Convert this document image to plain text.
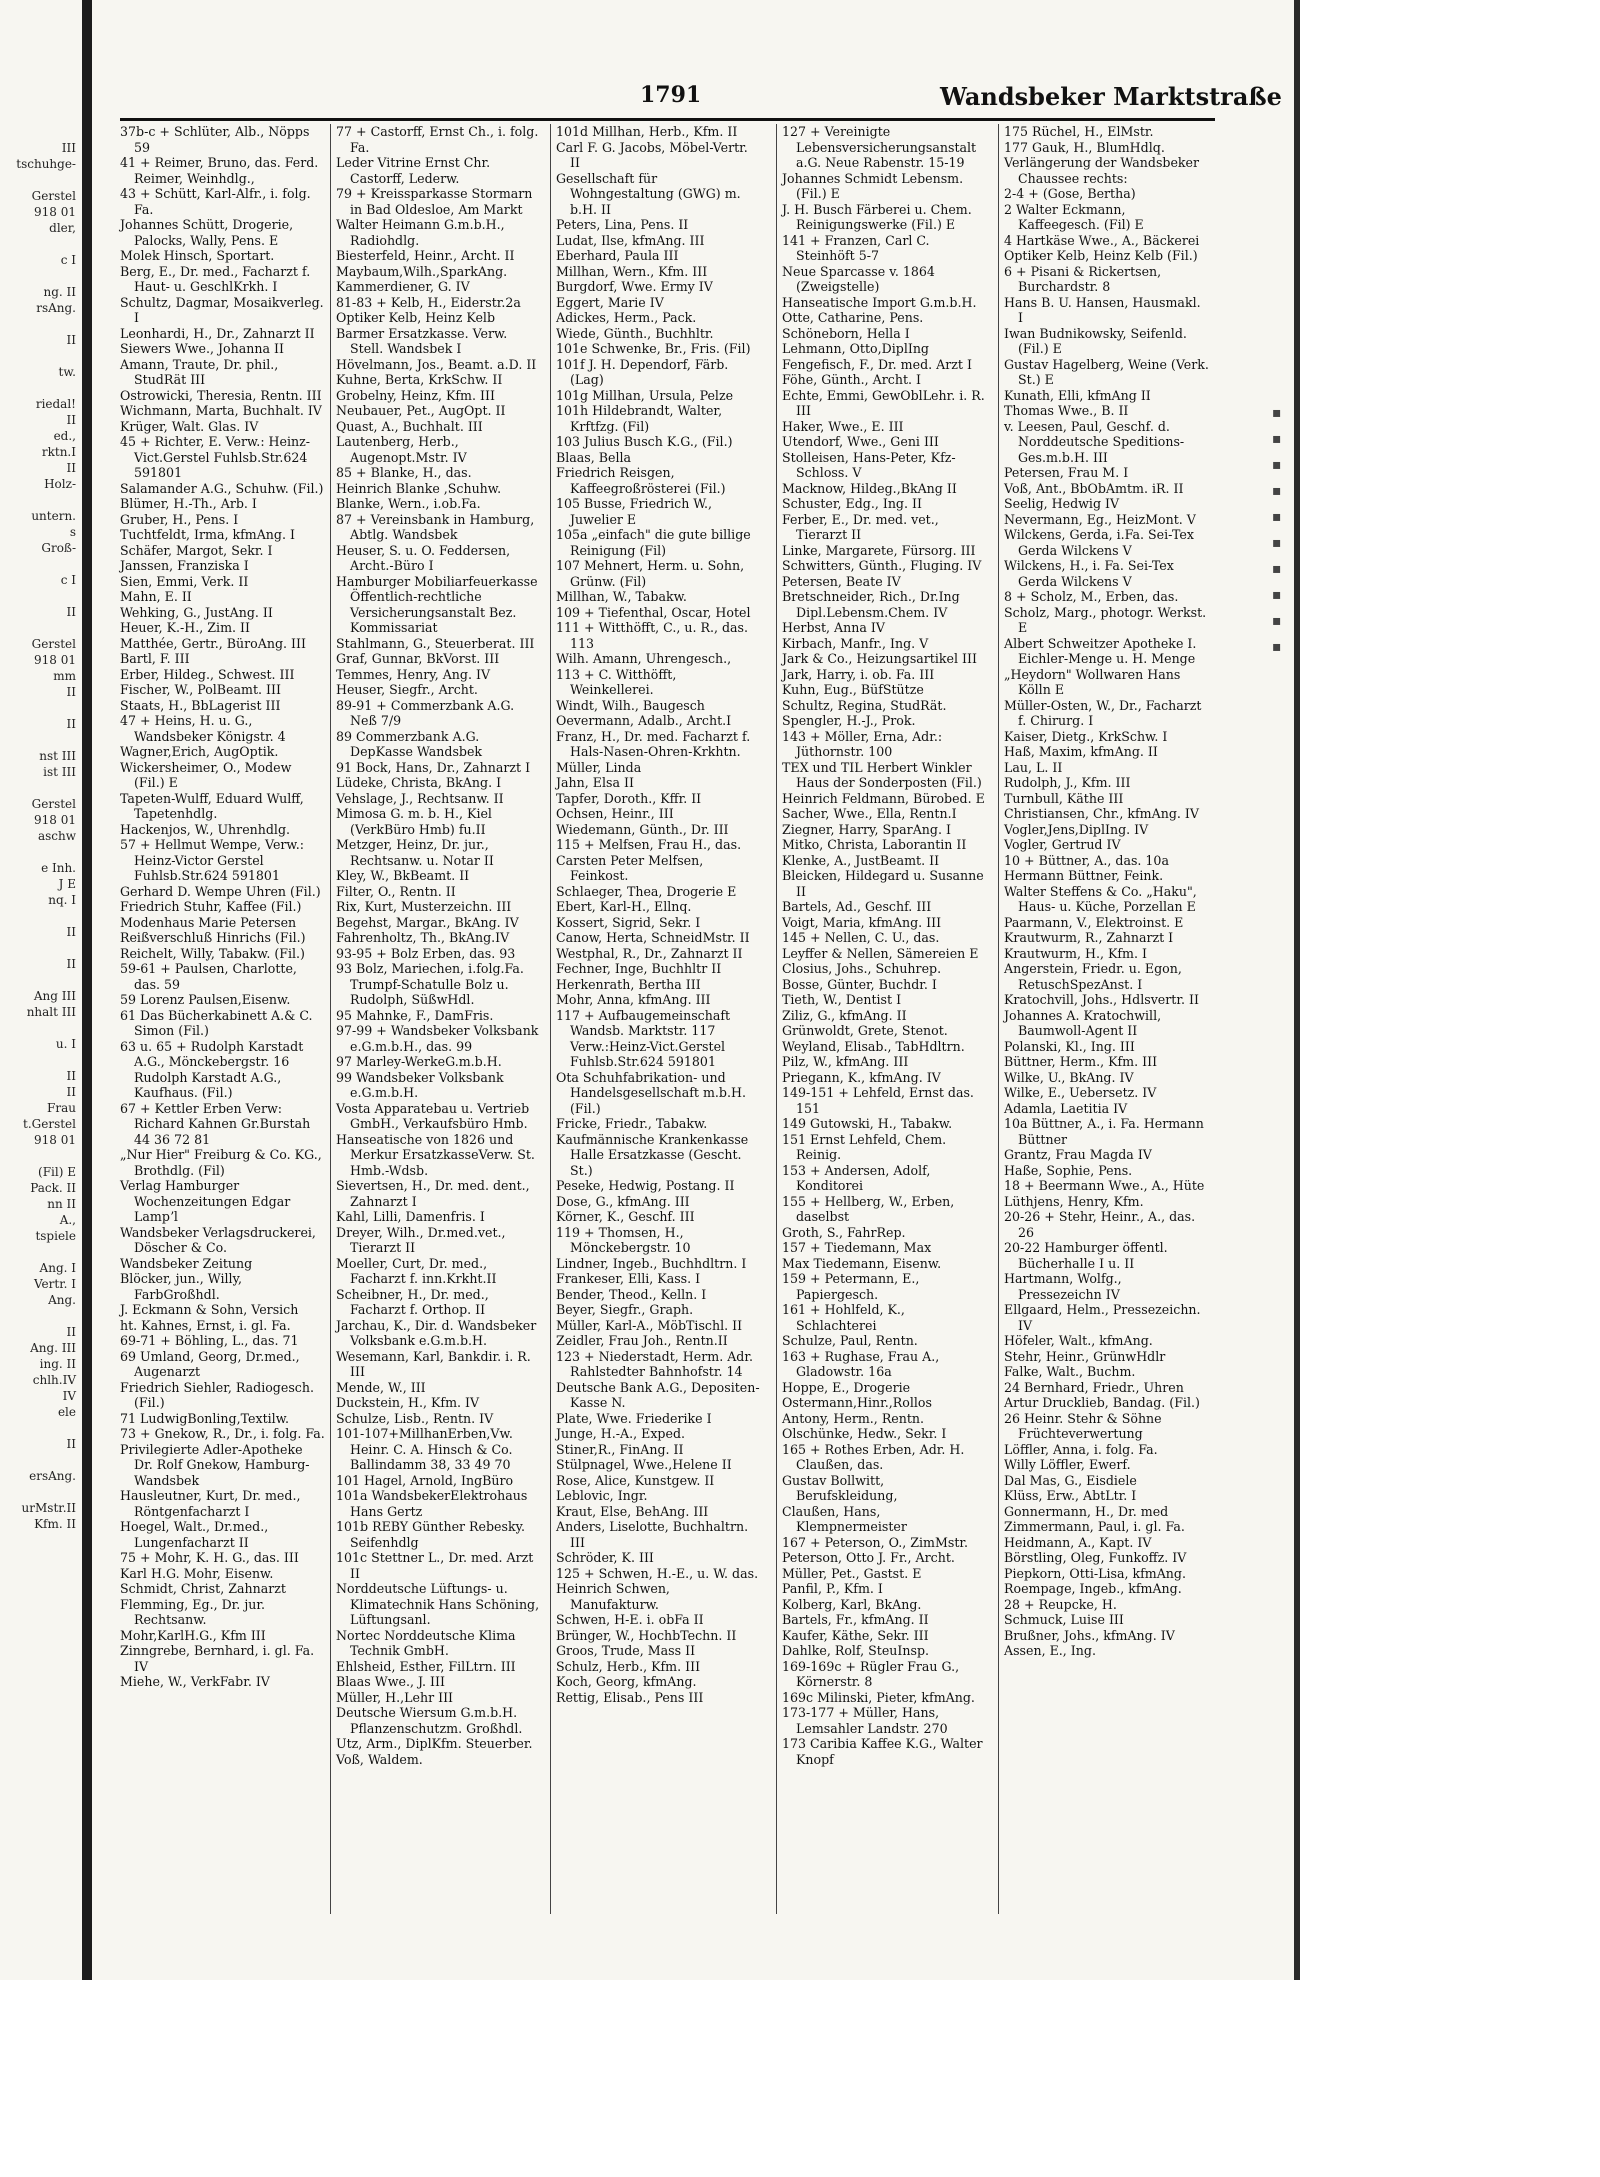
III
tschuhge-

Gerstel
918 01
dler,

c I

ng. II
rsAng.

II

tw.

riedal!
II
ed.,
rktn.I
II
Holz-

untern.
s
Groß-

c I

II

Gerstel
918 01
mm
II

II

nst III
ist III

Gerstel
918 01
aschw

e Inh.
J E
nq. I

II

II

Ang III
nhalt III

u. I

II
II
Frau
t.Gerstel
918 01

(Fil) E
Pack. II
nn II
A.,
tspiele

Ang. I
Vertr. I
Ang.

II
Ang. III
ing. II
chlh.IV
IV
ele

II

ersAng.

urMstr.II
Kfm. II
1791	Wandsbeker Marktstraße

37b-c + Schlüter, Alb., Nöpps 59

41 + Reimer, Bruno, das. Ferd. Reimer, Weinhdlg.,

43 + Schütt, Karl-Alfr., i. folg. Fa.

Johannes Schütt, Drogerie, Palocks, Wally, Pens. E

Molek Hinsch, Sportart.

Berg, E., Dr. med., Facharzt f. Haut- u. GeschlKrkh. I

Schultz, Dagmar, Mosaikverleg. I

Leonhardi, H., Dr., Zahnarzt II

Siewers Wwe., Johanna II

Amann, Traute, Dr. phil., StudRät III

Ostrowicki, Theresia, Rentn. III

Wichmann, Marta, Buchhalt. IV

Krüger, Walt. Glas. IV

45 + Richter, E. Verw.: Heinz-Vict.Gerstel Fuhlsb.Str.624 591801

Salamander A.G., Schuhw. (Fil.)

Blümer, H.-Th., Arb. I

Gruber, H., Pens. I

Tuchtfeldt, Irma, kfmAng. I

Schäfer, Margot, Sekr. I

Janssen, Franziska I

Sien, Emmi, Verk. II

Mahn, E. II

Wehking, G., JustAng. II

Heuer, K.-H., Zim. II

Matthée, Gertr., BüroAng. III

Bartl, F. III

Erber, Hildeg., Schwest. III

Fischer, W., PolBeamt. III

Staats, H., BbLagerist III

47 + Heins, H. u. G., Wandsbeker Königstr. 4

Wagner,Erich, AugOptik.

Wickersheimer, O., Modew (Fil.) E

Tapeten-Wulff, Eduard Wulff, Tapetenhdlg.

Hackenjos, W., Uhrenhdlg.

57 + Hellmut Wempe, Verw.: Heinz-Victor Gerstel Fuhlsb.Str.624 591801

Gerhard D. Wempe Uhren (Fil.)

Friedrich Stuhr, Kaffee (Fil.)

Modenhaus Marie Petersen

Reißverschluß Hinrichs (Fil.)

Reichelt, Willy, Tabakw. (Fil.)

59-61 + Paulsen, Charlotte, das. 59

59 Lorenz Paulsen,Eisenw.

61 Das Bücherkabinett A.& C. Simon (Fil.)

63 u. 65 + Rudolph Karstadt A.G., Mönckebergstr. 16 Rudolph Karstadt A.G., Kaufhaus. (Fil.)

67 + Kettler Erben Verw: Richard Kahnen Gr.Burstah 44 36 72 81

„Nur Hier" Freiburg & Co. KG., Brothdlg. (Fil)

Verlag Hamburger Wochenzeitungen Edgar Lampʼl

Wandsbeker Verlagsdruckerei, Döscher & Co.

Wandsbeker Zeitung

Blöcker, jun., Willy, FarbGroßhdl.

J. Eckmann & Sohn, Versich

ht. Kahnes, Ernst, i. gl. Fa.

69-71 + Böhling, L., das. 71

69 Umland, Georg, Dr.med., Augenarzt

Friedrich Siehler, Radiogesch. (Fil.)

71 LudwigBonling,Textilw.

73 + Gnekow, R., Dr., i. folg. Fa.

Privilegierte Adler-Apotheke Dr. Rolf Gnekow, Hamburg-Wandsbek

Hausleutner, Kurt, Dr. med., Röntgenfacharzt I

Hoegel, Walt., Dr.med., Lungenfacharzt II

75 + Mohr, K. H. G., das. III

Karl H.G. Mohr, Eisenw.

Schmidt, Christ, Zahnarzt

Flemming, Eg., Dr. jur. Rechtsanw.

Mohr,KarlH.G., Kfm III

Zinngrebe, Bernhard, i. gl. Fa. IV

Miehe, W., VerkFabr. IV

77 + Castorff, Ernst Ch., i. folg. Fa.

Leder Vitrine Ernst Chr. Castorff, Lederw.

79 + Kreissparkasse Stormarn in Bad Oldesloe, Am Markt

Walter Heimann G.m.b.H., Radiohdlg.

Biesterfeld, Heinr., Archt. II

Maybaum,Wilh.,SparkAng.

Kammerdiener, G. IV

81-83 + Kelb, H., Eiderstr.2a

Optiker Kelb, Heinz Kelb

Barmer Ersatzkasse. Verw. Stell. Wandsbek I

Hövelmann, Jos., Beamt. a.D. II

Kuhne, Berta, KrkSchw. II

Grobelny, Heinz, Kfm. III

Neubauer, Pet., AugOpt. II

Quast, A., Buchhalt. III

Lautenberg, Herb., Augenopt.Mstr. IV

85 + Blanke, H., das.

Heinrich Blanke ,Schuhw.

Blanke, Wern., i.ob.Fa.

87 + Vereinsbank in Hamburg, Abtlg. Wandsbek

Heuser, S. u. O. Feddersen, Archt.-Büro I

Hamburger Mobiliarfeuerkasse Öffentlich-rechtliche Versicherungsanstalt Bez. Kommissariat

Stahlmann, G., Steuerberat. III

Graf, Gunnar, BkVorst. III

Temmes, Henry, Ang. IV

Heuser, Siegfr., Archt.

89-91 + Commerzbank A.G. Neß 7/9

89 Commerzbank A.G. DepKasse Wandsbek

91 Bock, Hans, Dr., Zahnarzt I

Lüdeke, Christa, BkAng. I

Vehslage, J., Rechtsanw. II

Mimosa G. m. b. H., Kiel (VerkBüro Hmb) fu.II

Metzger, Heinz, Dr. jur., Rechtsanw. u. Notar II

Kley, W., BkBeamt. II

Filter, O., Rentn. II

Rix, Kurt, Musterzeichn. III

Begehst, Margar., BkAng. IV

Fahrenholtz, Th., BkAng.IV

93-95 + Bolz Erben, das. 93

93 Bolz, Mariechen, i.folg.Fa. Trumpf-Schatulle Bolz u. Rudolph, SüßwHdl.

95 Mahnke, F., DamFris.

97-99 + Wandsbeker Volksbank e.G.m.b.H., das. 99

97 Marley-WerkeG.m.b.H.

99 Wandsbeker Volksbank e.G.m.b.H.

Vosta Apparatebau u. Vertrieb GmbH., Verkaufsbüro Hmb.

Hanseatische von 1826 und Merkur ErsatzkasseVerw. St. Hmb.-Wdsb.

Sievertsen, H., Dr. med. dent., Zahnarzt I

Kahl, Lilli, Damenfris. I

Dreyer, Wilh., Dr.med.vet., Tierarzt II

Moeller, Curt, Dr. med., Facharzt f. inn.Krkht.II

Scheibner, H., Dr. med., Facharzt f. Orthop. II

Jarchau, K., Dir. d. Wandsbeker Volksbank e.G.m.b.H.

Wesemann, Karl, Bankdir. i. R. III

Mende, W., III

Duckstein, H., Kfm. IV

Schulze, Lisb., Rentn. IV

101-107+MillhanErben,Vw. Heinr. C. A. Hinsch & Co. Ballindamm 38, 33 49 70

101 Hagel, Arnold, IngBüro

101a WandsbekerElektrohaus Hans Gertz

101b REBY Günther Rebesky. Seifenhdlg

101c Stettner L., Dr. med. Arzt II

Norddeutsche Lüftungs- u. Klimatechnik Hans Schöning, Lüftungsanl.

Nortec Norddeutsche Klima Technik GmbH.

Ehlsheid, Esther, FilLtrn. III

Blaas Wwe., J. III

Müller, H.,Lehr III

Deutsche Wiersum G.m.b.H. Pflanzenschutzm. Großhdl.

Utz, Arm., DiplKfm. Steuerber.

Voß, Waldem.

101d Millhan, Herb., Kfm. II

Carl F. G. Jacobs, Möbel-Vertr. II

Gesellschaft für Wohngestaltung (GWG) m. b.H. II

Peters, Lina, Pens. II

Ludat, Ilse, kfmAng. III

Eberhard, Paula III

Millhan, Wern., Kfm. III

Burgdorf, Wwe. Ermy IV

Eggert, Marie IV

Adickes, Herm., Pack.

Wiede, Günth., Buchhltr.

101e Schwenke, Br., Fris. (Fil)

101f J. H. Dependorf, Färb. (Lag)

101g Millhan, Ursula, Pelze

101h Hildebrandt, Walter, Krftfzg. (Fil)

103 Julius Busch K.G., (Fil.)

Blaas, Bella

Friedrich Reisgen, Kaffeegroßrösterei (Fil.)

105 Busse, Friedrich W., Juwelier E

105a „einfach" die gute billige Reinigung (Fil)

107 Mehnert, Herm. u. Sohn, Grünw. (Fil)

Millhan, W., Tabakw.

109 + Tiefenthal, Oscar, Hotel

111 + Witthöfft, C., u. R., das. 113

Wilh. Amann, Uhrengesch.,

113 + C. Witthöfft, Weinkellerei.

Windt, Wilh., Baugesch

Oevermann, Adalb., Archt.I

Franz, H., Dr. med. Facharzt f. Hals-Nasen-Ohren-Krkhtn.

Müller, Linda

Jahn, Elsa II

Tapfer, Doroth., Kffr. II

Ochsen, Heinr., III

Wiedemann, Günth., Dr. III

115 + Melfsen, Frau H., das.

Carsten Peter Melfsen, Feinkost.

Schlaeger, Thea, Drogerie E

Ebert, Karl-H., Ellnq.

Kossert, Sigrid, Sekr. I

Canow, Herta, SchneidMstr. II

Westphal, R., Dr., Zahnarzt II

Fechner, Inge, Buchhltr II

Herkenrath, Bertha III

Mohr, Anna, kfmAng. III

117 + Aufbaugemeinschaft Wandsb. Marktstr. 117 Verw.:Heinz-Vict.Gerstel Fuhlsb.Str.624 591801

Ota Schuhfabrikation- und Handelsgesellschaft m.b.H. (Fil.)

Fricke, Friedr., Tabakw.

Kaufmännische Krankenkasse Halle Ersatzkasse (Gescht. St.)

Peseke, Hedwig, Postang. II

Dose, G., kfmAng. III

Körner, K., Geschf. III

119 + Thomsen, H., Mönckebergstr. 10

Lindner, Ingeb., Buchhdltrn. I

Frankeser, Elli, Kass. I

Bender, Theod., Kelln. I

Beyer, Siegfr., Graph.

Müller, Karl-A., MöbTischl. II

Zeidler, Frau Joh., Rentn.II

123 + Niederstadt, Herm. Adr. Rahlstedter Bahnhofstr. 14

Deutsche Bank A.G., Depositen-Kasse N.

Plate, Wwe. Friederike I

Junge, H.-A., Exped.

Stiner,R., FinAng. II

Stülpnagel, Wwe.,Helene II

Rose, Alice, Kunstgew. II

Leblovic, Ingr.

Kraut, Else, BehAng. III

Anders, Liselotte, Buchhaltrn. III

Schröder, K. III

125 + Schwen, H.-E., u. W. das.

Heinrich Schwen, Manufakturw.

Schwen, H-E. i. obFa II

Brünger, W., HochbTechn. II

Groos, Trude, Mass II

Schulz, Herb., Kfm. III

Koch, Georg, kfmAng.

Rettig, Elisab., Pens III

127 + Vereinigte Lebensversicherungsanstalt a.G. Neue Rabenstr. 15-19

Johannes Schmidt Lebensm. (Fil.) E

J. H. Busch Färberei u. Chem. Reinigungswerke (Fil.) E

141 + Franzen, Carl C. Steinhöft 5-7

Neue Sparcasse v. 1864 (Zweigstelle)

Hanseatische Import G.m.b.H.

Otte, Catharine, Pens.

Schöneborn, Hella I

Lehmann, Otto,DiplIng

Fengefisch, F., Dr. med. Arzt I

Föhe, Günth., Archt. I

Echte, Emmi, GewOblLehr. i. R. III

Haker, Wwe., E. III

Utendorf, Wwe., Geni III

Stolleisen, Hans-Peter, Kfz-Schloss. V

Macknow, Hildeg.,BkAng II

Schuster, Edg., Ing. II

Ferber, E., Dr. med. vet., Tierarzt II

Linke, Margarete, Fürsorg. III

Schwitters, Günth., Fluging. IV

Petersen, Beate IV

Bretschneider, Rich., Dr.Ing Dipl.Lebensm.Chem. IV

Herbst, Anna IV

Kirbach, Manfr., Ing. V

Jark & Co., Heizungsartikel III

Jark, Harry, i. ob. Fa. III

Kuhn, Eug., BüfStütze

Schultz, Regina, StudRät.

Spengler, H.-J., Prok.

143 + Möller, Erna, Adr.: Jüthornstr. 100

TEX und TIL Herbert Winkler Haus der Sonderposten (Fil.)

Heinrich Feldmann, Bürobed. E

Sacher, Wwe., Ella, Rentn.I

Ziegner, Harry, SparAng. I

Mitko, Christa, Laborantin II

Klenke, A., JustBeamt. II

Bleicken, Hildegard u. Susanne II

Bartels, Ad., Geschf. III

Voigt, Maria, kfmAng. III

145 + Nellen, C. U., das.

Leyffer & Nellen, Sämereien E

Closius, Johs., Schuhrep.

Bosse, Günter, Buchdr. I

Tieth, W., Dentist I

Ziliz, G., kfmAng. II

Grünwoldt, Grete, Stenot.

Weyland, Elisab., TabHdltrn.

Pilz, W., kfmAng. III

Priegann, K., kfmAng. IV

149-151 + Lehfeld, Ernst das. 151

149 Gutowski, H., Tabakw.

151 Ernst Lehfeld, Chem. Reinig.

153 + Andersen, Adolf, Konditorei

155 + Hellberg, W., Erben, daselbst

Groth, S., FahrRep.

157 + Tiedemann, Max

Max Tiedemann, Eisenw.

159 + Petermann, E., Papiergesch.

161 + Hohlfeld, K., Schlachterei

Schulze, Paul, Rentn.

163 + Rughase, Frau A., Gladowstr. 16a

Hoppe, E., Drogerie

Ostermann,Hinr.,Rollos

Antony, Herm., Rentn.

Olschünke, Hedw., Sekr. I

165 + Rothes Erben, Adr. H. Claußen, das.

Gustav Bollwitt, Berufskleidung,

Claußen, Hans, Klempnermeister

167 + Peterson, O., ZimMstr.

Peterson, Otto J. Fr., Archt.

Müller, Pet., Gastst. E

Panfil, P., Kfm. I

Kolberg, Karl, BkAng.

Bartels, Fr., kfmAng. II

Kaufer, Käthe, Sekr. III

Dahlke, Rolf, SteuInsp.

169-169c + Rügler Frau G., Körnerstr. 8

169c Milinski, Pieter, kfmAng.

173-177 + Müller, Hans, Lemsahler Landstr. 270

173 Caribia Kaffee K.G., Walter Knopf

175 Rüchel, H., ElMstr.

177 Gauk, H., BlumHdlq.

Verlängerung der Wandsbeker Chaussee rechts:

2-4 + (Gose, Bertha)

2 Walter Eckmann, Kaffeegesch. (Fil) E

4 Hartkäse Wwe., A., Bäckerei

Optiker Kelb, Heinz Kelb (Fil.)

6 + Pisani & Rickertsen, Burchardstr. 8

Hans B. U. Hansen, Hausmakl. I

Iwan Budnikowsky, Seifenld. (Fil.) E

Gustav Hagelberg, Weine (Verk. St.) E

Kunath, Elli, kfmAng II

Thomas Wwe., B. II

v. Leesen, Paul, Geschf. d. Norddeutsche Speditions-Ges.m.b.H. III

Petersen, Frau M. I

Voß, Ant., BbObAmtm. iR. II

Seelig, Hedwig IV

Nevermann, Eg., HeizMont. V

Wilckens, Gerda, i.Fa. Sei-Tex Gerda Wilckens V

Wilckens, H., i. Fa. Sei-Tex Gerda Wilckens V

8 + Scholz, M., Erben, das.

Scholz, Marg., photogr. Werkst. E

Albert Schweitzer Apotheke I. Eichler-Menge u. H. Menge

„Heydorn" Wollwaren Hans Kölln E

Müller-Osten, W., Dr., Facharzt f. Chirurg. I

Kaiser, Dietg., KrkSchw. I

Haß, Maxim, kfmAng. II

Lau, L. II

Rudolph, J., Kfm. III

Turnbull, Käthe III

Christiansen, Chr., kfmAng. IV

Vogler,Jens,DiplIng. IV

Vogler, Gertrud IV

10 + Büttner, A., das. 10a

Hermann Büttner, Feink.

Walter Steffens & Co. „Haku", Haus- u. Küche, Porzellan E

Paarmann, V., Elektroinst. E

Krautwurm, R., Zahnarzt I

Krautwurm, H., Kfm. I

Angerstein, Friedr. u. Egon, RetuschSpezAnst. I

Kratochvill, Johs., Hdlsvertr. II

Johannes A. Kratochwill, Baumwoll-Agent II

Polanski, Kl., Ing. III

Büttner, Herm., Kfm. III

Wilke, U., BkAng. IV

Wilke, E., Uebersetz. IV

Adamla, Laetitia IV

10a Büttner, A., i. Fa. Hermann Büttner

Grantz, Frau Magda IV

Haße, Sophie, Pens.

18 + Beermann Wwe., A., Hüte

Lüthjens, Henry, Kfm.

20-26 + Stehr, Heinr., A., das. 26

20-22 Hamburger öffentl. Bücherhalle I u. II

Hartmann, Wolfg., Pressezeichn IV

Ellgaard, Helm., Pressezeichn. IV

Höfeler, Walt., kfmAng.

Stehr, Heinr., GrünwHdlr

Falke, Walt., Buchm.

24 Bernhard, Friedr., Uhren

Artur Drucklieb, Bandag. (Fil.)

26 Heinr. Stehr & Söhne Früchteverwertung

Löffler, Anna, i. folg. Fa.

Willy Löffler, Ewerf.

Dal Mas, G., Eisdiele

Klüss, Erw., AbtLtr. I

Gonnermann, H., Dr. med

Zimmermann, Paul, i. gl. Fa.

Heidmann, A., Kapt. IV

Börstling, Oleg, Funkoffz. IV

Piepkorn, Otti-Lisa, kfmAng.

Roempage, Ingeb., kfmAng.

28 + Reupcke, H.

Schmuck, Luise III

Brußner, Johs., kfmAng. IV

Assen, E., Ing.

▪
▪
▪
▪
▪
▪
▪
▪
▪
▪
